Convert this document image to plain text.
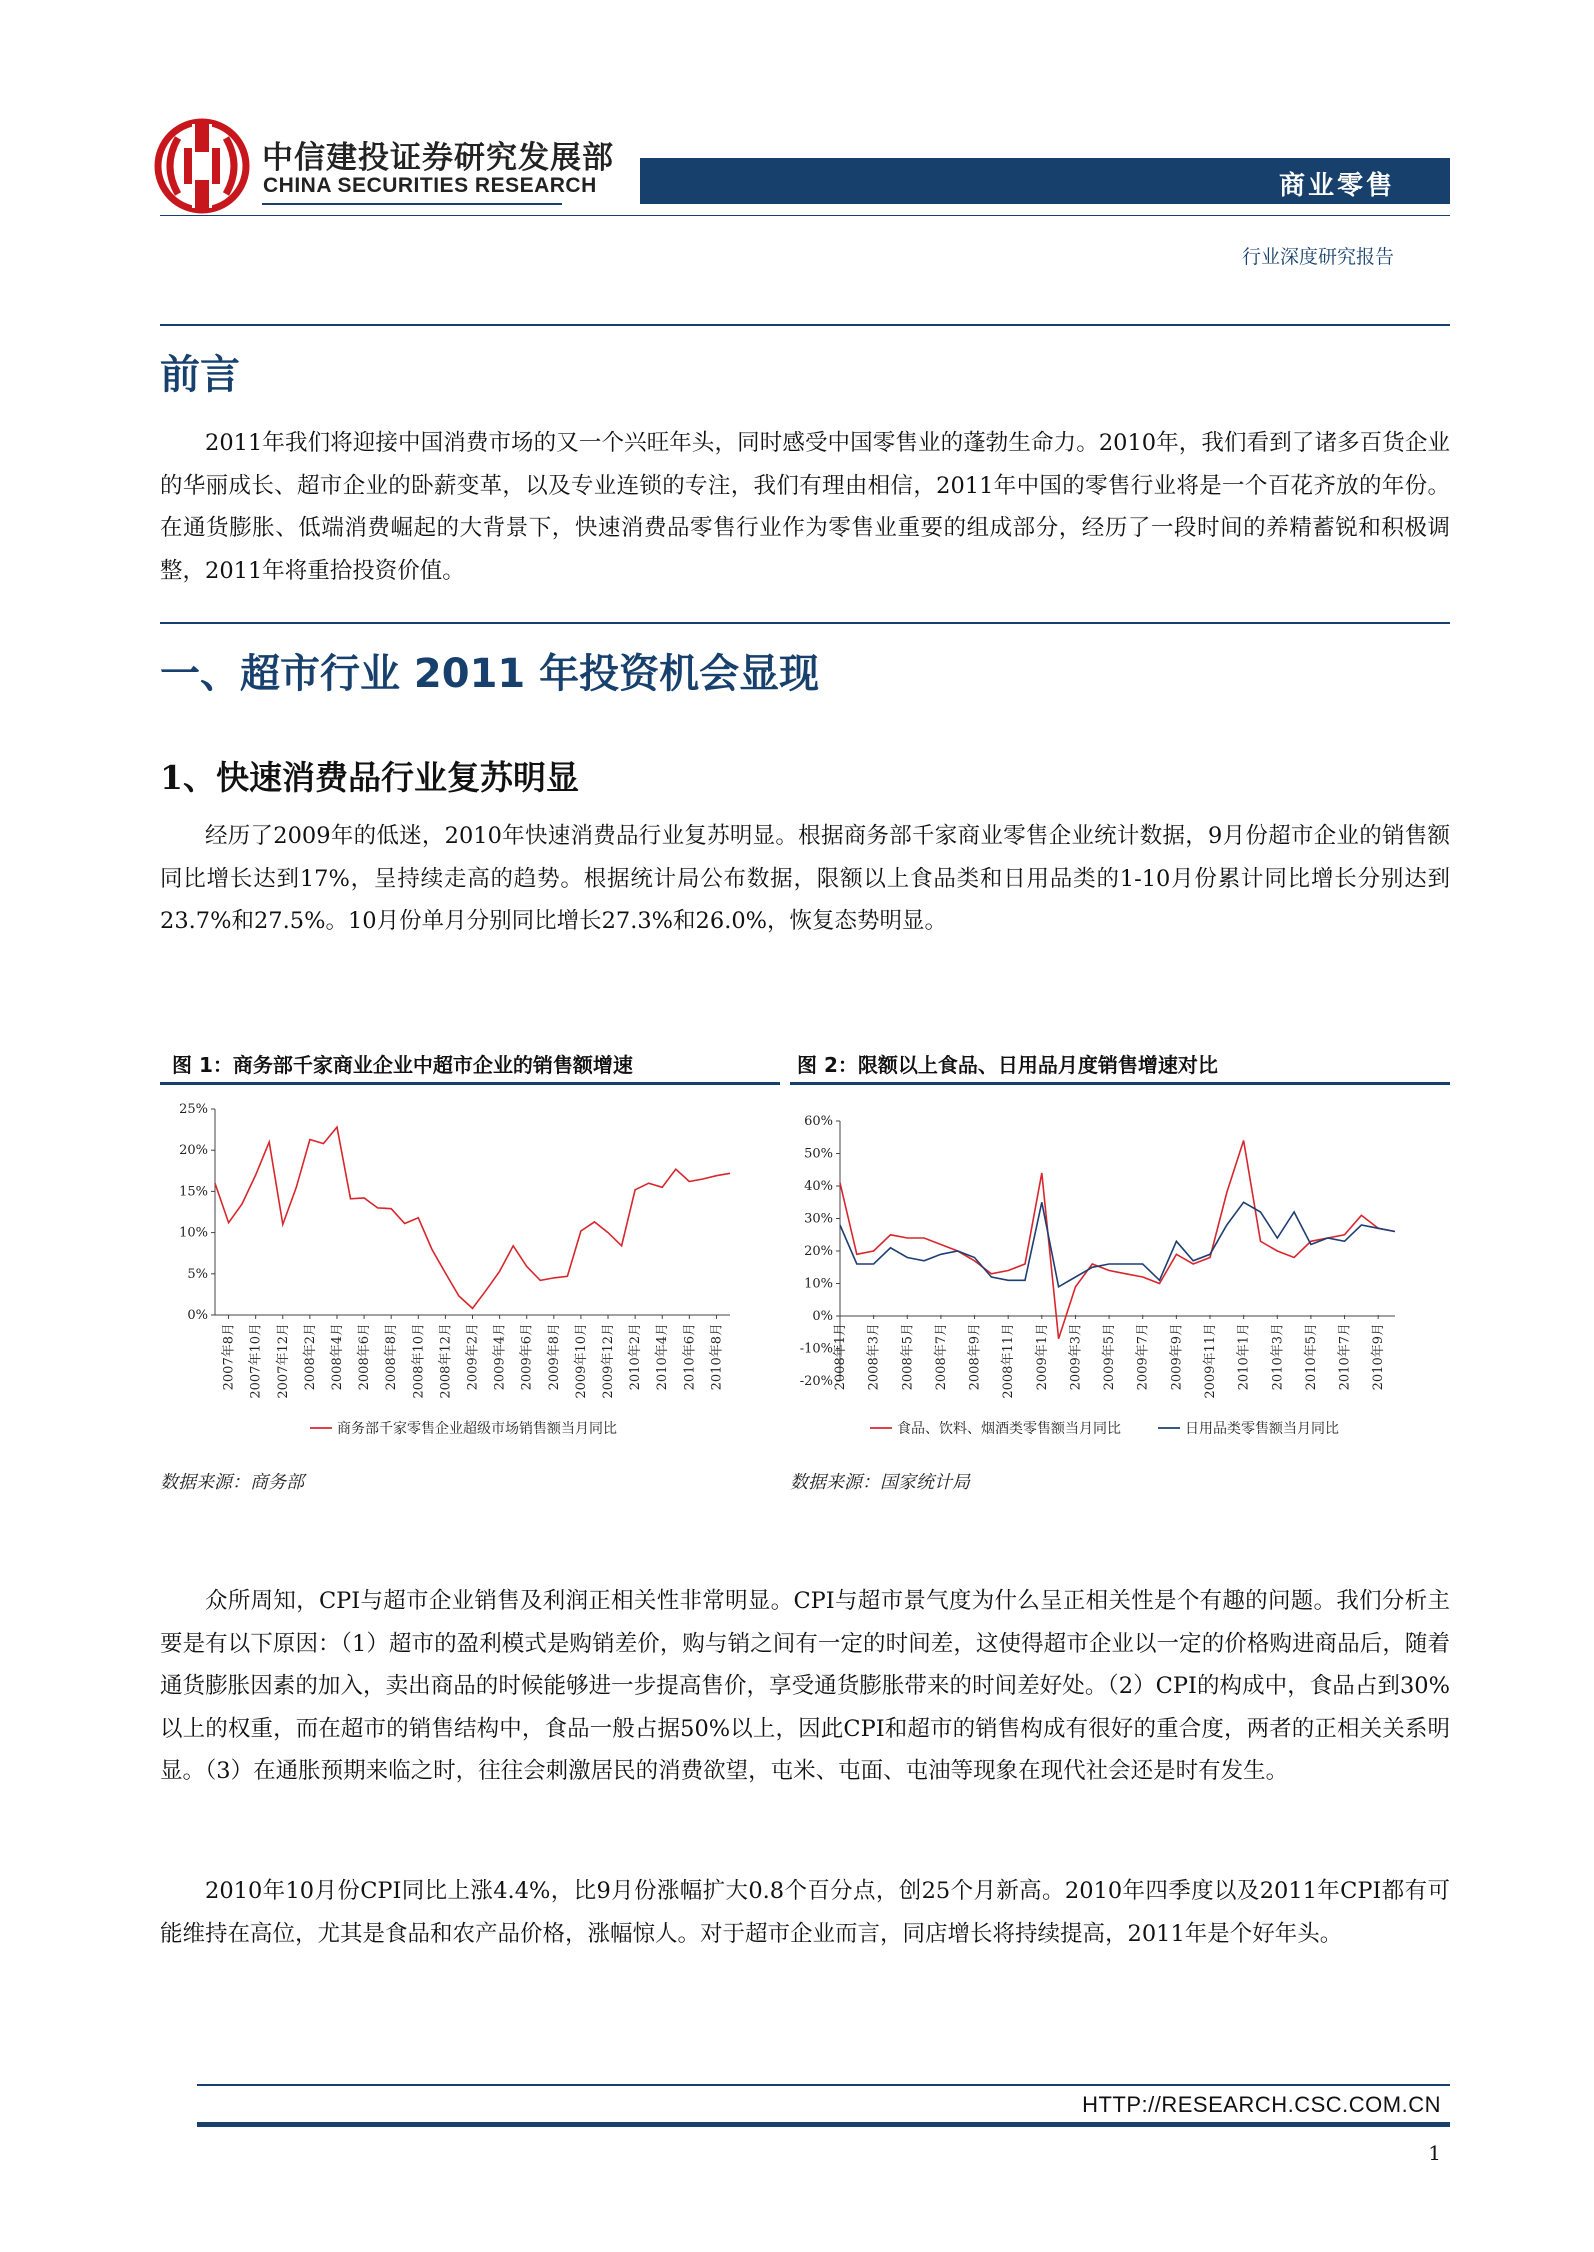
中信建投证券研究发展部
CHINA SECURITIES RESEARCH	商业零售
行业深度研究报告
前言
2011年我们将迎接中国消费市场的又一个兴旺年头，同时感受中国零售业的蓬勃生命力。2010年，我们看到了诸多百货企业的华丽成长、超市企业的卧薪变革，以及专业连锁的专注，我们有理由相信，2011年中国的零售行业将是一个百花齐放的年份。在通货膨胀、低端消费崛起的大背景下，快速消费品零售行业作为零售业重要的组成部分，经历了一段时间的养精蓄锐和积极调整，2011年将重拾投资价值。
一、超市行业 2011 年投资机会显现
1、快速消费品行业复苏明显
经历了2009年的低迷，2010年快速消费品行业复苏明显。根据商务部千家商业零售企业统计数据，9月份超市企业的销售额同比增长达到17%，呈持续走高的趋势。根据统计局公布数据，限额以上食品类和日用品类的1-10月份累计同比增长分别达到23.7%和27.5%。10月份单月分别同比增长27.3%和26.0%，恢复态势明显。
图 1：商务部千家商业企业中超市企业的销售额增速	图 2：限额以上食品、日用品月度销售增速对比
0%
5%
10%
15%
20%
25%
2007年8月 2007年10月 2007年12月 2008年2月 2008年4月 2008年6月 2008年8月 2008年10月 2008年12月 2009年2月 2009年4月 2009年6月 2009年8月 2009年10月 2009年12月 2010年2月 2010年4月 2010年6月 2010年8月
商务部千家零售企业超级市场销售额当月同比
-20%
-10%
0%
10%
20%
30%
40%
50%
60%
2008年1月 2008年3月 2008年5月 2008年7月 2008年9月 2008年11月 2009年1月 2009年3月 2009年5月 2009年7月 2009年9月 2009年11月 2010年1月 2010年3月 2010年5月 2010年7月 2010年9月
食品、饮料、烟酒类零售额当月同比	日用品类零售额当月同比
数据来源：商务部	数据来源：国家统计局
众所周知，CPI与超市企业销售及利润正相关性非常明显。CPI与超市景气度为什么呈正相关性是个有趣的问题。我们分析主要是有以下原因：（1）超市的盈利模式是购销差价，购与销之间有一定的时间差，这使得超市企业以一定的价格购进商品后，随着通货膨胀因素的加入，卖出商品的时候能够进一步提高售价，享受通货膨胀带来的时间差好处。（2）CPI的构成中，食品占到30%以上的权重，而在超市的销售结构中，食品一般占据50%以上，因此CPI和超市的销售构成有很好的重合度，两者的正相关关系明显。（3）在通胀预期来临之时，往往会刺激居民的消费欲望，屯米、屯面、屯油等现象在现代社会还是时有发生。
2010年10月份CPI同比上涨4.4%，比9月份涨幅扩大0.8个百分点，创25个月新高。2010年四季度以及2011年CPI都有可能维持在高位，尤其是食品和农产品价格，涨幅惊人。对于超市企业而言，同店增长将持续提高，2011年是个好年头。
HTTP://RESEARCH.CSC.COM.CN
1
